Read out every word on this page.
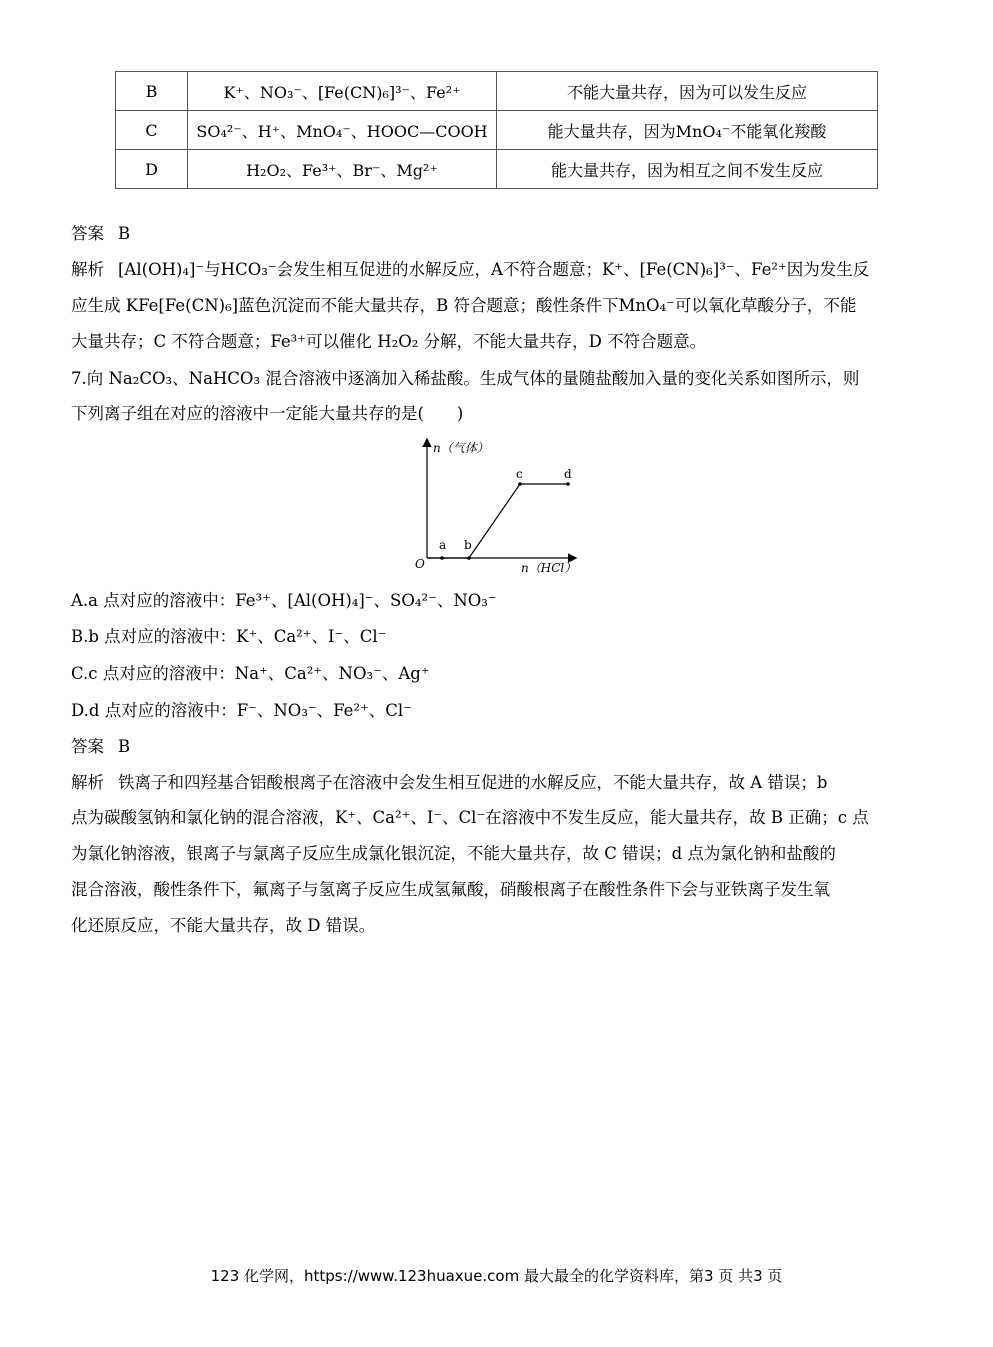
B	K⁺、NO₃⁻、[Fe(CN)₆]³⁻、Fe²⁺	不能大量共存，因为可以发生反应
C	SO₄²⁻、H⁺、MnO₄⁻、HOOC—COOH	能大量共存，因为MnO₄⁻不能氧化羧酸
D	H₂O₂、Fe³⁺、Br⁻、Mg²⁺	能大量共存，因为相互之间不发生反应
答案 B
解析 [Al(OH)₄]⁻与HCO₃⁻会发生相互促进的水解反应，A不符合题意；K⁺、[Fe(CN)₆]³⁻、Fe²⁺因为发生反
应生成 KFe[Fe(CN)₆]蓝色沉淀而不能大量共存，B 符合题意；酸性条件下MnO₄⁻可以氧化草酸分子，不能
大量共存；C 不符合题意；Fe³⁺可以催化 H₂O₂ 分解，不能大量共存，D 不符合题意。
7.向 Na₂CO₃、NaHCO₃ 混合溶液中逐滴加入稀盐酸。生成气体的量随盐酸加入量的变化关系如图所示，则
下列离子组在对应的溶液中一定能大量共存的是(　　)
n（气体）
n（HCl）
O
a b
c	d
A.a 点对应的溶液中：Fe³⁺、[Al(OH)₄]⁻、SO₄²⁻、NO₃⁻
B.b 点对应的溶液中：K⁺、Ca²⁺、I⁻、Cl⁻
C.c 点对应的溶液中：Na⁺、Ca²⁺、NO₃⁻、Ag⁺
D.d 点对应的溶液中：F⁻、NO₃⁻、Fe²⁺、Cl⁻
答案 B
解析 铁离子和四羟基合铝酸根离子在溶液中会发生相互促进的水解反应，不能大量共存，故 A 错误；b
点为碳酸氢钠和氯化钠的混合溶液，K⁺、Ca²⁺、I⁻、Cl⁻在溶液中不发生反应，能大量共存，故 B 正确；c 点
为氯化钠溶液，银离子与氯离子反应生成氯化银沉淀，不能大量共存，故 C 错误；d 点为氯化钠和盐酸的
混合溶液，酸性条件下，氟离子与氢离子反应生成氢氟酸，硝酸根离子在酸性条件下会与亚铁离子发生氧
化还原反应，不能大量共存，故 D 错误。
123 化学网，https://www.123huaxue.com 最大最全的化学资料库，第3 页 共3 页
